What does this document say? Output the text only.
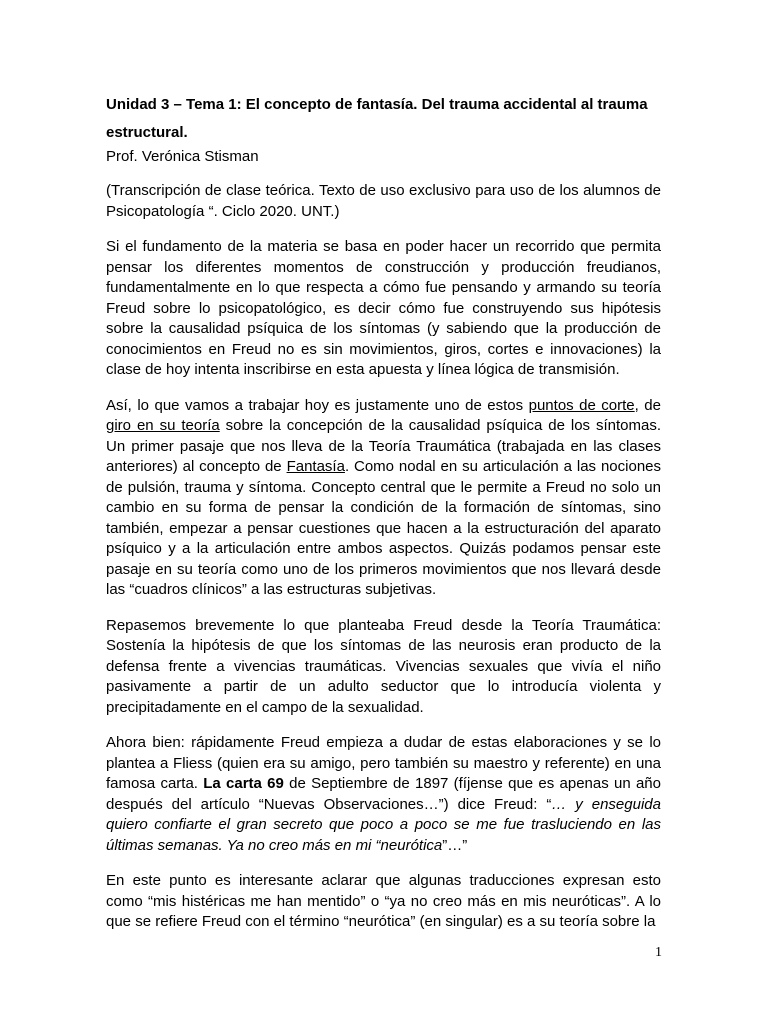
Unidad 3 – Tema 1: El concepto de fantasía. Del trauma accidental al trauma estructural.
Prof. Verónica Stisman

(Transcripción de clase teórica. Texto de uso exclusivo para uso de los alumnos de Psicopatología “. Ciclo 2020. UNT.)

Si el fundamento de la materia se basa en poder hacer un recorrido que permita pensar los diferentes momentos de construcción y producción freudianos, fundamentalmente en lo que respecta a cómo fue pensando y armando su teoría Freud sobre lo psicopatológico, es decir cómo fue construyendo sus hipótesis sobre la causalidad psíquica de los síntomas (y sabiendo que la producción de conocimientos en Freud no es sin movimientos, giros, cortes e innovaciones) la clase de hoy intenta inscribirse en esta apuesta y línea lógica de transmisión.

Así, lo que vamos a trabajar hoy es justamente uno de estos puntos de corte, de giro en su teoría sobre la concepción de la causalidad psíquica de los síntomas. Un primer pasaje que nos lleva de la Teoría Traumática (trabajada en las clases anteriores) al concepto de Fantasía. Como nodal en su articulación a las nociones de pulsión, trauma y síntoma. Concepto central que le permite a Freud no solo un cambio en su forma de pensar la condición de la formación de síntomas, sino también, empezar a pensar cuestiones que hacen a la estructuración del aparato psíquico y a la articulación entre ambos aspectos. Quizás podamos pensar este pasaje en su teoría como uno de los primeros movimientos que nos llevará desde las “cuadros clínicos” a las estructuras subjetivas.

Repasemos brevemente lo que planteaba Freud desde la Teoría Traumática: Sostenía la hipótesis de que los síntomas de las neurosis eran producto de la defensa frente a vivencias traumáticas. Vivencias sexuales que vivía el niño pasivamente a partir de un adulto seductor que lo introducía violenta y precipitadamente en el campo de la sexualidad.

Ahora bien: rápidamente Freud empieza a dudar de estas elaboraciones y se lo plantea a Fliess (quien era su amigo, pero también su maestro y referente) en una famosa carta. La carta 69 de Septiembre de 1897 (fíjense que es apenas un año después del artículo “Nuevas Observaciones…”) dice Freud: “… y enseguida quiero confiarte el gran secreto que poco a poco se me fue trasluciendo en las últimas semanas. Ya no creo más en mi “neurótica”…”

En este punto es interesante aclarar que algunas traducciones expresan esto como “mis histéricas me han mentido” o “ya no creo más en mis neuróticas”. A lo que se refiere Freud con el término “neurótica” (en singular) es a su teoría sobre la

1
